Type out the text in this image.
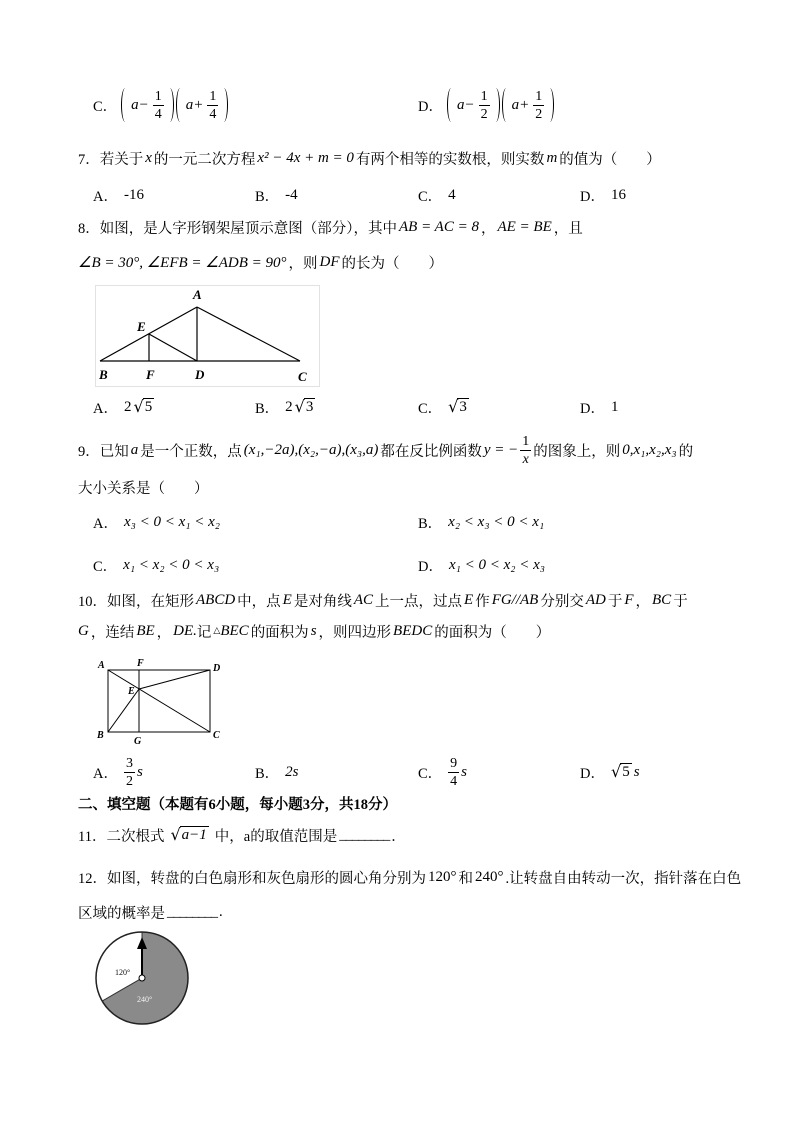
C． $a- \frac{1}{4} a+ \frac{1}{4}$	D． $a- \frac{1}{2} a+ \frac{1}{2}$
7． 若关于 x 的一元二次方程 x² − 4x + m = 0 有两个相等的实数根，则实数 m 的值为（　　）
A． -16	B． -4	C． 4	D． 16
8． 如图，是人字形钢架屋顶示意图（部分），其中 AB = AC = 8 ， AE = BE ，且
∠B = 30°, ∠EFB = ∠ADB = 90° ，则 DF 的长为（　　）
A
E
B	F	D	C
A． 2 √ 5	B． 2 √ 3	C． √ 3	D． 1
9． 已知 a 是一个正数，点 (x₁,−2a),(x₂,−a),(x₃,a) 都在反比例函数 y = − $\frac{1}{x}$ 的图象上，则 0,x₁,x₂,x₃ 的
大小关系是（　　）
A． x₃ < 0 < x₁ < x₂	B． x₂ < x₃ < 0 < x₁
C． x₁ < x₂ < 0 < x₃	D． x₁ < 0 < x₂ < x₃
10． 如图，在矩形 ABCD 中，点 E 是对角线 AC 上一点，过点 E 作 FG//AB 分别交 AD 于 F ， BC 于
G ，连结 BE ， DE. 记 △ BEC 的面积为 s ，则四边形 BEDC 的面积为（　　）
A	F	D
E
B
G
C
A． $\frac{3}{2}$ s	B． 2s	C． $\frac{9}{4}$ s	D． √ 5 s
二、填空题（本题有6小题，每小题3分，共18分）
11． 二次根式 √ a−1 中，a的取值范围是 ________ ．
12． 如图，转盘的白色扇形和灰色扇形的圆心角分别为 120° 和 240° .让转盘自由转动一次，指针落在白色
区域的概率是 ________ .
120°
240°
